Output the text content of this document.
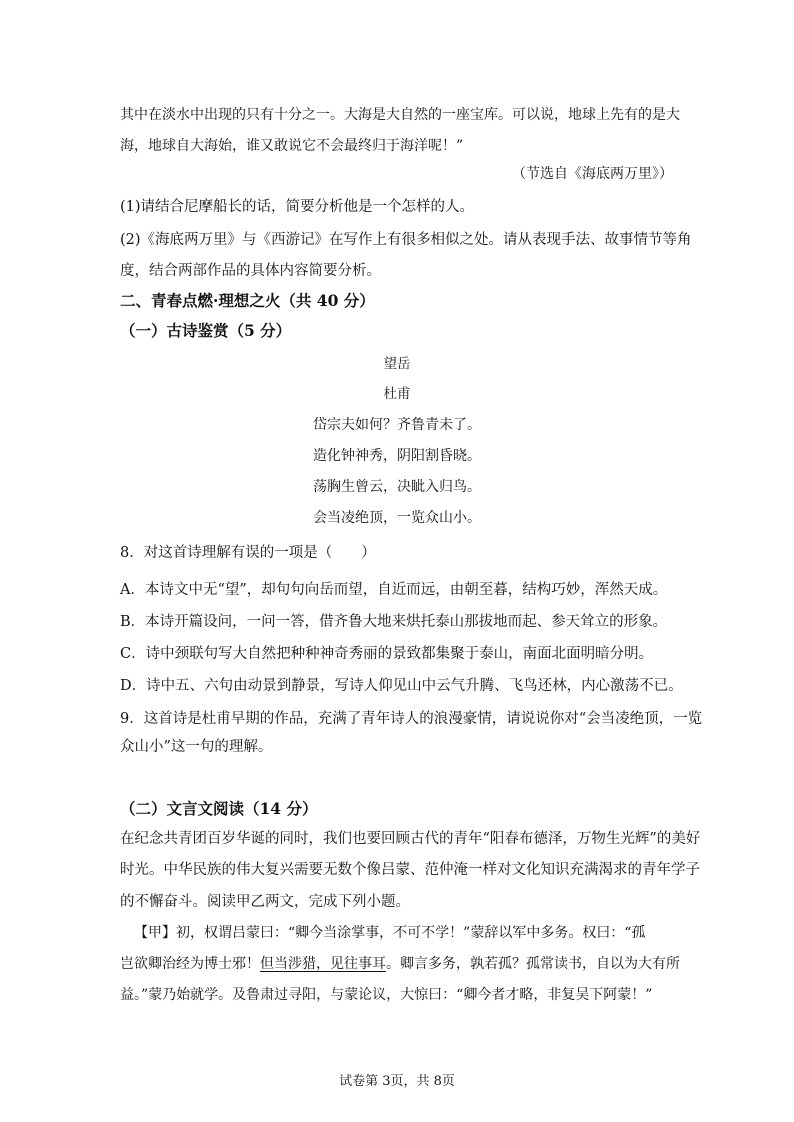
其中在淡水中出现的只有十分之一。大海是大自然的一座宝库。可以说，地球上先有的是大
海，地球自大海始，谁又敢说它不会最终归于海洋呢！”
（节选自《海底两万里》）
(1)请结合尼摩船长的话，简要分析他是一个怎样的人。
(2)《海底两万里》与《西游记》在写作上有很多相似之处。请从表现手法、故事情节等角
度，结合两部作品的具体内容简要分析。
二、青春点燃·理想之火（共 40 分）
（一）古诗鉴赏（5 分）
望岳
杜甫
岱宗夫如何？齐鲁青未了。
造化钟神秀，阴阳割昏晓。
荡胸生曾云，决眦入归鸟。
会当凌绝顶，一览众山小。
8．对这首诗理解有误的一项是（　　）
A．本诗文中无“望”，却句句向岳而望，自近而远，由朝至暮，结构巧妙，浑然天成。
B．本诗开篇设问，一问一答，借齐鲁大地来烘托泰山那拔地而起、参天耸立的形象。
C．诗中颈联句写大自然把种种神奇秀丽的景致都集聚于泰山，南面北面明暗分明。
D．诗中五、六句由动景到静景，写诗人仰见山中云气升腾、飞鸟还林，内心激荡不已。
9．这首诗是杜甫早期的作品，充满了青年诗人的浪漫豪情，请说说你对“会当凌绝顶，一览
众山小”这一句的理解。
（二）文言文阅读（14 分）
在纪念共青团百岁华诞的同时，我们也要回顾古代的青年“阳春布德泽，万物生光辉”的美好
时光。中华民族的伟大复兴需要无数个像吕蒙、范仲淹一样对文化知识充满渴求的青年学子
的不懈奋斗。阅读甲乙两文，完成下列小题。
【甲】初，权谓吕蒙曰：“卿今当涂掌事，不可不学！”蒙辞以军中多务。权曰：“孤
岂欲卿治经为博士邪！但当涉猎，见往事耳。卿言多务，孰若孤？孤常读书，自以为大有所
益。”蒙乃始就学。及鲁肃过寻阳，与蒙论议，大惊曰：“卿今者才略，非复吴下阿蒙！”
试卷第 3页，共 8页
